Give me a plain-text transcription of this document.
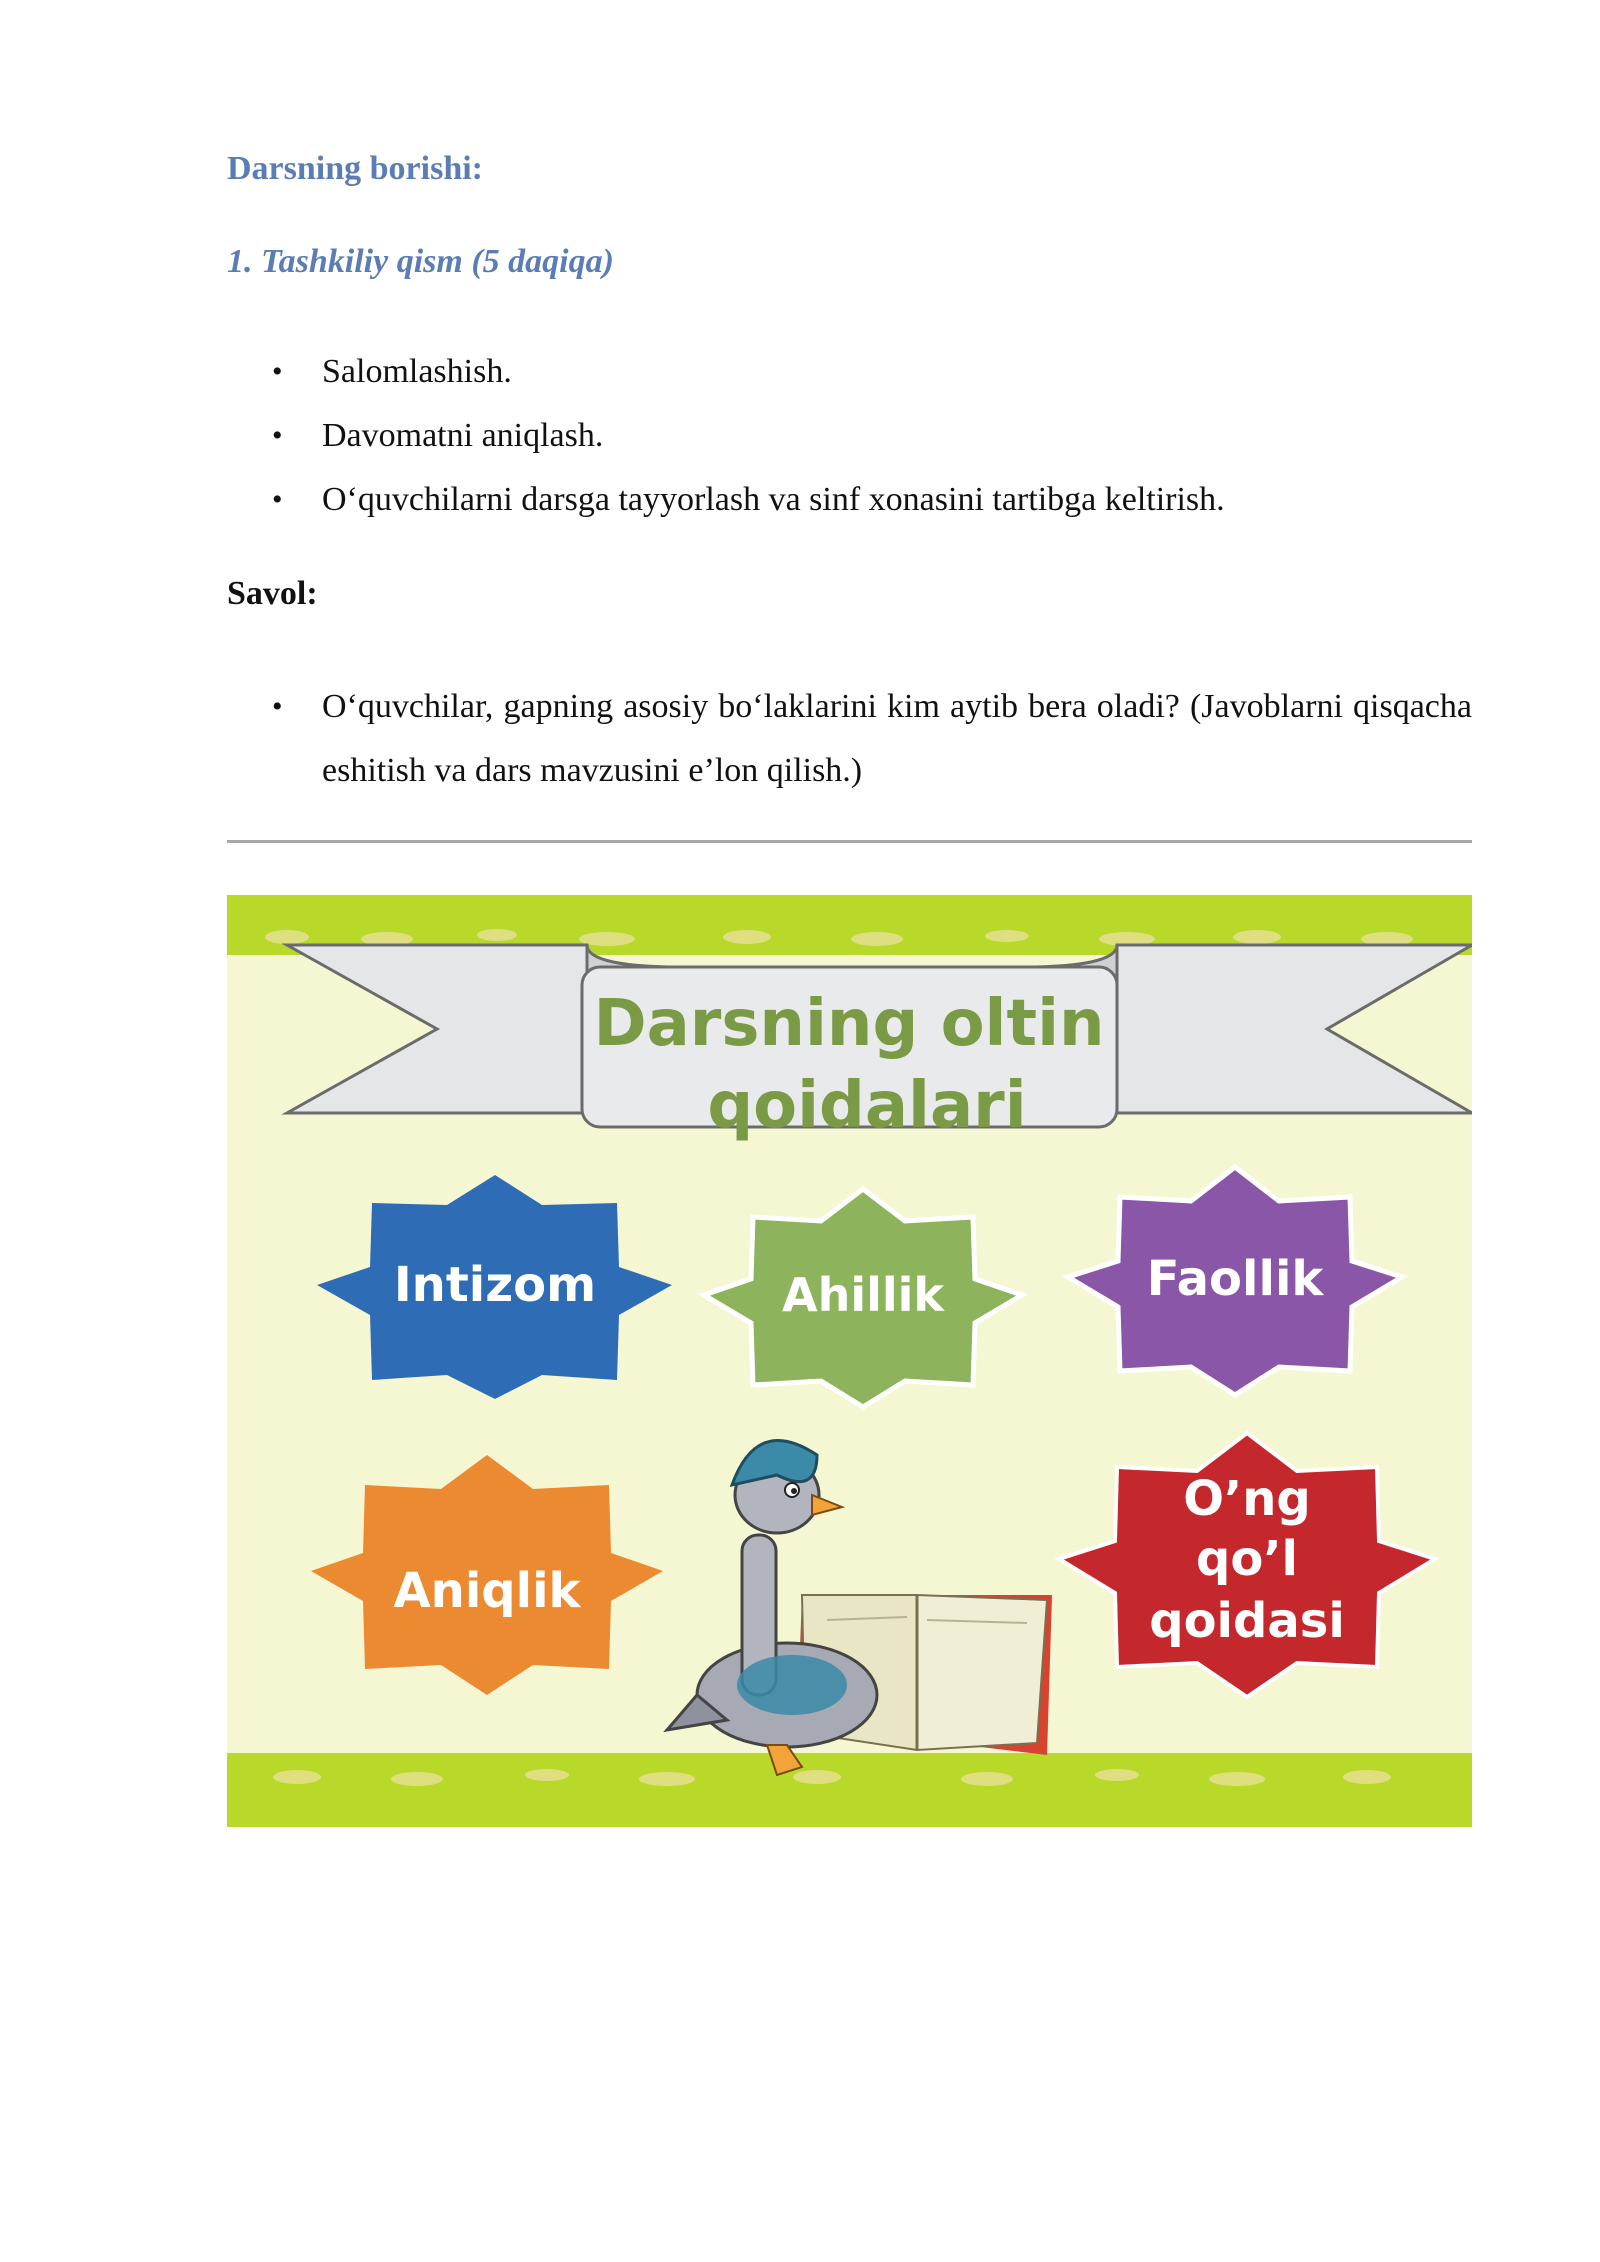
Darsning borishi:
1. Tashkiliy qism (5 daqiqa)
• Salomlashish.
• Davomatni aniqlash.
• O‘quvchilarni darsga tayyorlash va sinf xonasini tartibga keltirish.

Savol:

• O‘quvchilar, gapning asosiy bo‘laklarini kim aytib bera oladi? (Javoblarni qisqacha eshitish va dars mavzusini e’lon qilish.)

Darsning oltin
qoidalari
Intizom	Ahillik	Faollik
Aniqlik
O’ng
qo’l
qoidasi
